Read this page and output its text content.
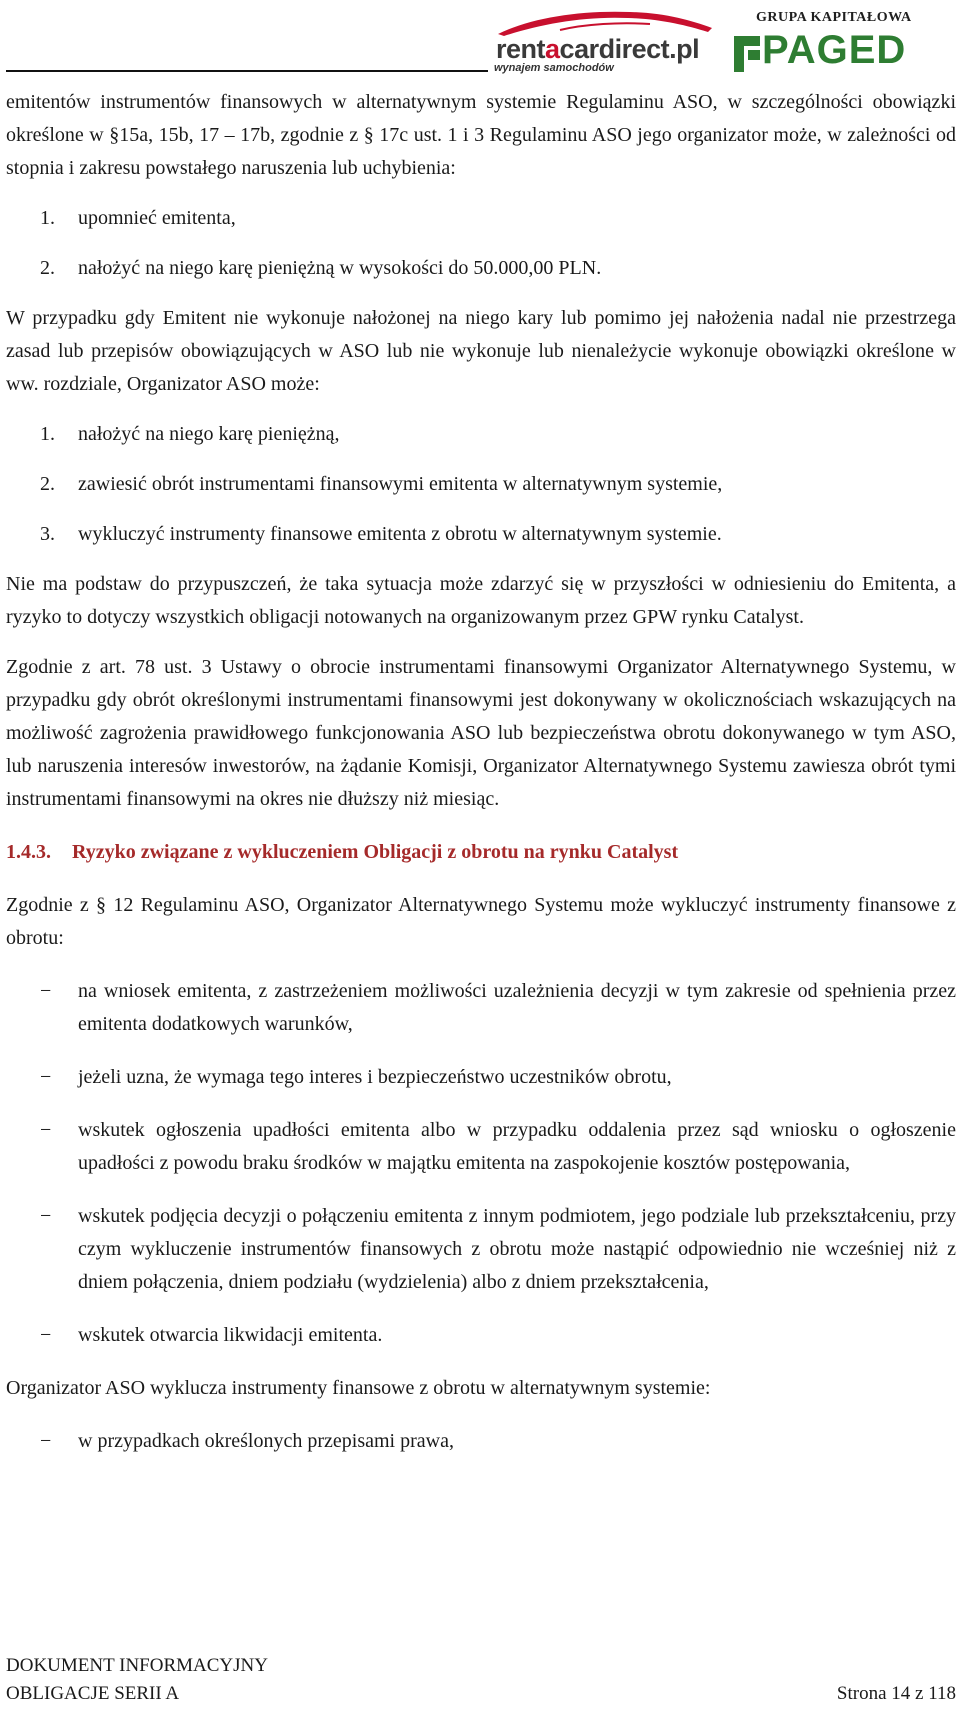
rentacardirect.pl
wynajem samochodów
GRUPA KAPITAŁOWA
PAGED

emitentów instrumentów finansowych w alternatywnym systemie Regulaminu ASO, w szczególności obowiązki określone w §15a, 15b, 17 – 17b, zgodnie z § 17c ust. 1 i 3 Regulaminu ASO jego organizator może, w zależności od stopnia i zakresu powstałego naruszenia lub uchybienia:

1. upomnieć emitenta,
2. nałożyć na niego karę pieniężną w wysokości do 50.000,00 PLN.

W przypadku gdy Emitent nie wykonuje nałożonej na niego kary lub pomimo jej nałożenia nadal nie przestrzega zasad lub przepisów obowiązujących w ASO lub nie wykonuje lub nienależycie wykonuje obowiązki określone w ww. rozdziale, Organizator ASO może:

1. nałożyć na niego karę pieniężną,
2. zawiesić obrót instrumentami finansowymi emitenta w alternatywnym systemie,
3. wykluczyć instrumenty finansowe emitenta z obrotu w alternatywnym systemie.

Nie ma podstaw do przypuszczeń, że taka sytuacja może zdarzyć się w przyszłości w odniesieniu do Emitenta, a ryzyko to dotyczy wszystkich obligacji notowanych na organizowanym przez GPW rynku Catalyst.

Zgodnie z art. 78 ust. 3 Ustawy o obrocie instrumentami finansowymi Organizator Alternatywnego Systemu, w przypadku gdy obrót określonymi instrumentami finansowymi jest dokonywany w okolicznościach wskazujących na możliwość zagrożenia prawidłowego funkcjonowania ASO lub bezpieczeństwa obrotu dokonywanego w tym ASO, lub naruszenia interesów inwestorów, na żądanie Komisji, Organizator Alternatywnego Systemu zawiesza obrót tymi instrumentami finansowymi na okres nie dłuższy niż miesiąc.

1.4.3. Ryzyko związane z wykluczeniem Obligacji z obrotu na rynku Catalyst

Zgodnie z § 12 Regulaminu ASO, Organizator Alternatywnego Systemu może wykluczyć instrumenty finansowe z obrotu:

− na wniosek emitenta, z zastrzeżeniem możliwości uzależnienia decyzji w tym zakresie od spełnienia przez emitenta dodatkowych warunków,
− jeżeli uzna, że wymaga tego interes i bezpieczeństwo uczestników obrotu,
− wskutek ogłoszenia upadłości emitenta albo w przypadku oddalenia przez sąd wniosku o ogłoszenie upadłości z powodu braku środków w majątku emitenta na zaspokojenie kosztów postępowania,
− wskutek podjęcia decyzji o połączeniu emitenta z innym podmiotem, jego podziale lub przekształceniu, przy czym wykluczenie instrumentów finansowych z obrotu może nastąpić odpowiednio nie wcześniej niż z dniem połączenia, dniem podziału (wydzielenia) albo z dniem przekształcenia,
− wskutek otwarcia likwidacji emitenta.

Organizator ASO wyklucza instrumenty finansowe z obrotu w alternatywnym systemie:

− w przypadkach określonych przepisami prawa,
DOKUMENT INFORMACYJNY
OBLIGACJE SERII A	Strona 14 z 118
